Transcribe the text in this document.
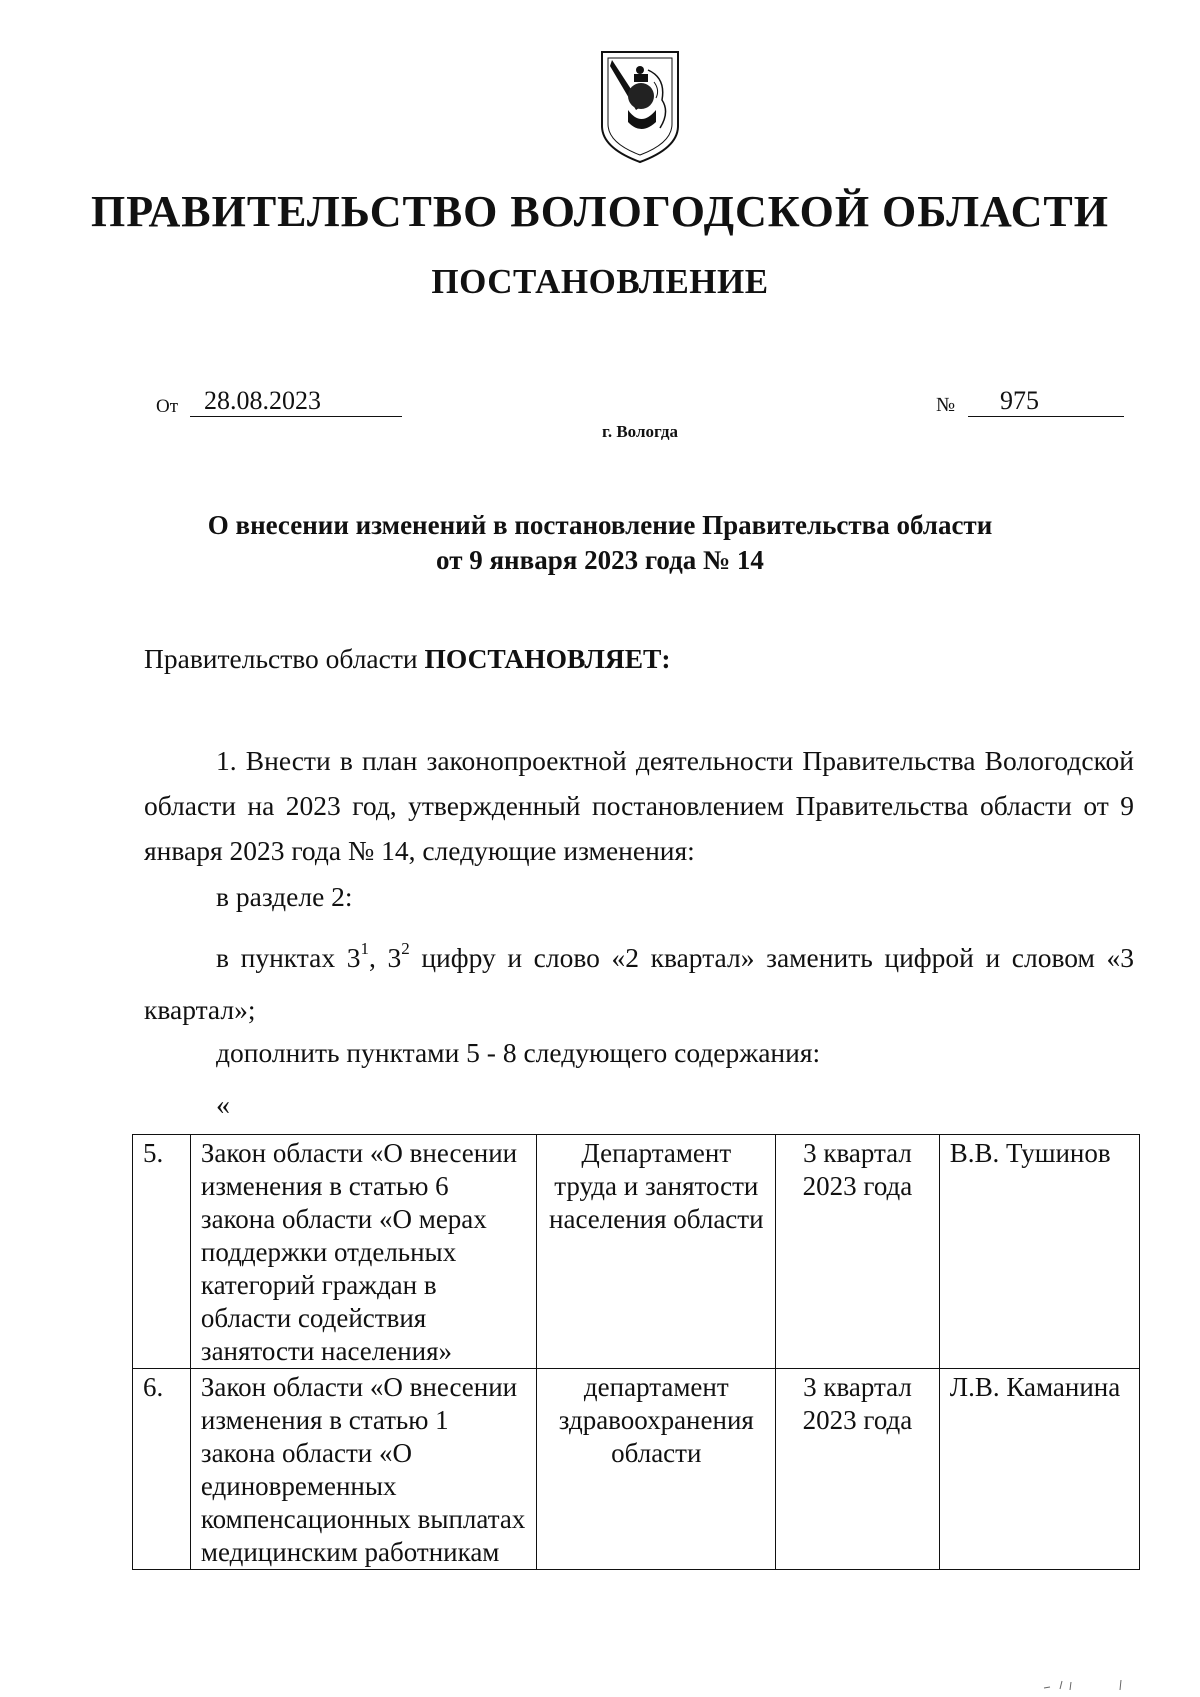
ПРАВИТЕЛЬСТВО ВОЛОГОДСКОЙ ОБЛАСТИ
ПОСТАНОВЛЕНИЕ
От 28.08.2023	№	975
г. Вологда
О внесении изменений в постановление Правительства области
от 9 января 2023 года № 14
Правительство области ПОСТАНОВЛЯЕТ:
1. Внести в план законопроектной деятельности Правительства Вологодской области на 2023 год, утвержденный постановлением Правительства области от 9 января 2023 года № 14, следующие изменения:
в разделе 2:
в пунктах $3^1$, $3^2$ цифру и слово «2 квартал» заменить цифрой и словом «3 квартал»;
дополнить пунктами 5 - 8 следующего содержания:
«
5.	Закон области «О внесении изменения в статью 6 закона области «О мерах поддержки отдельных категорий граждан в области содействия занятости населения»	Департамент труда и занятости населения области	3 квартал 2023 года	В.В. Тушинов
6.	Закон области «О внесении изменения в статью 1 закона области «О единовременных компенсационных выплатах медицинским работникам	департамент здравоохранения области	3 квартал 2023 года	Л.В. Каманина
